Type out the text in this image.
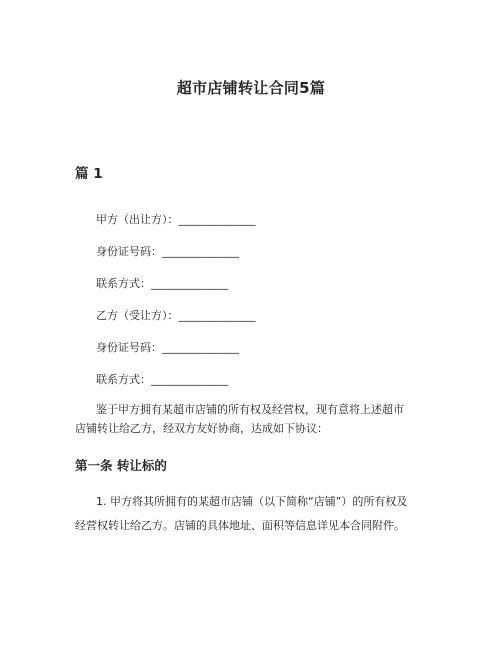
超市店铺转让合同5篇
篇 1
甲方（出让方）：______________
身份证号码：______________
联系方式：______________
乙方（受让方）：______________
身份证号码：______________
联系方式：______________
鉴于甲方拥有某超市店铺的所有权及经营权，现有意将上述超市
店铺转让给乙方，经双方友好协商，达成如下协议：
第一条 转让标的
1. 甲方将其所拥有的某超市店铺（以下简称“店铺”）的所有权及
经营权转让给乙方。店铺的具体地址、面积等信息详见本合同附件。
